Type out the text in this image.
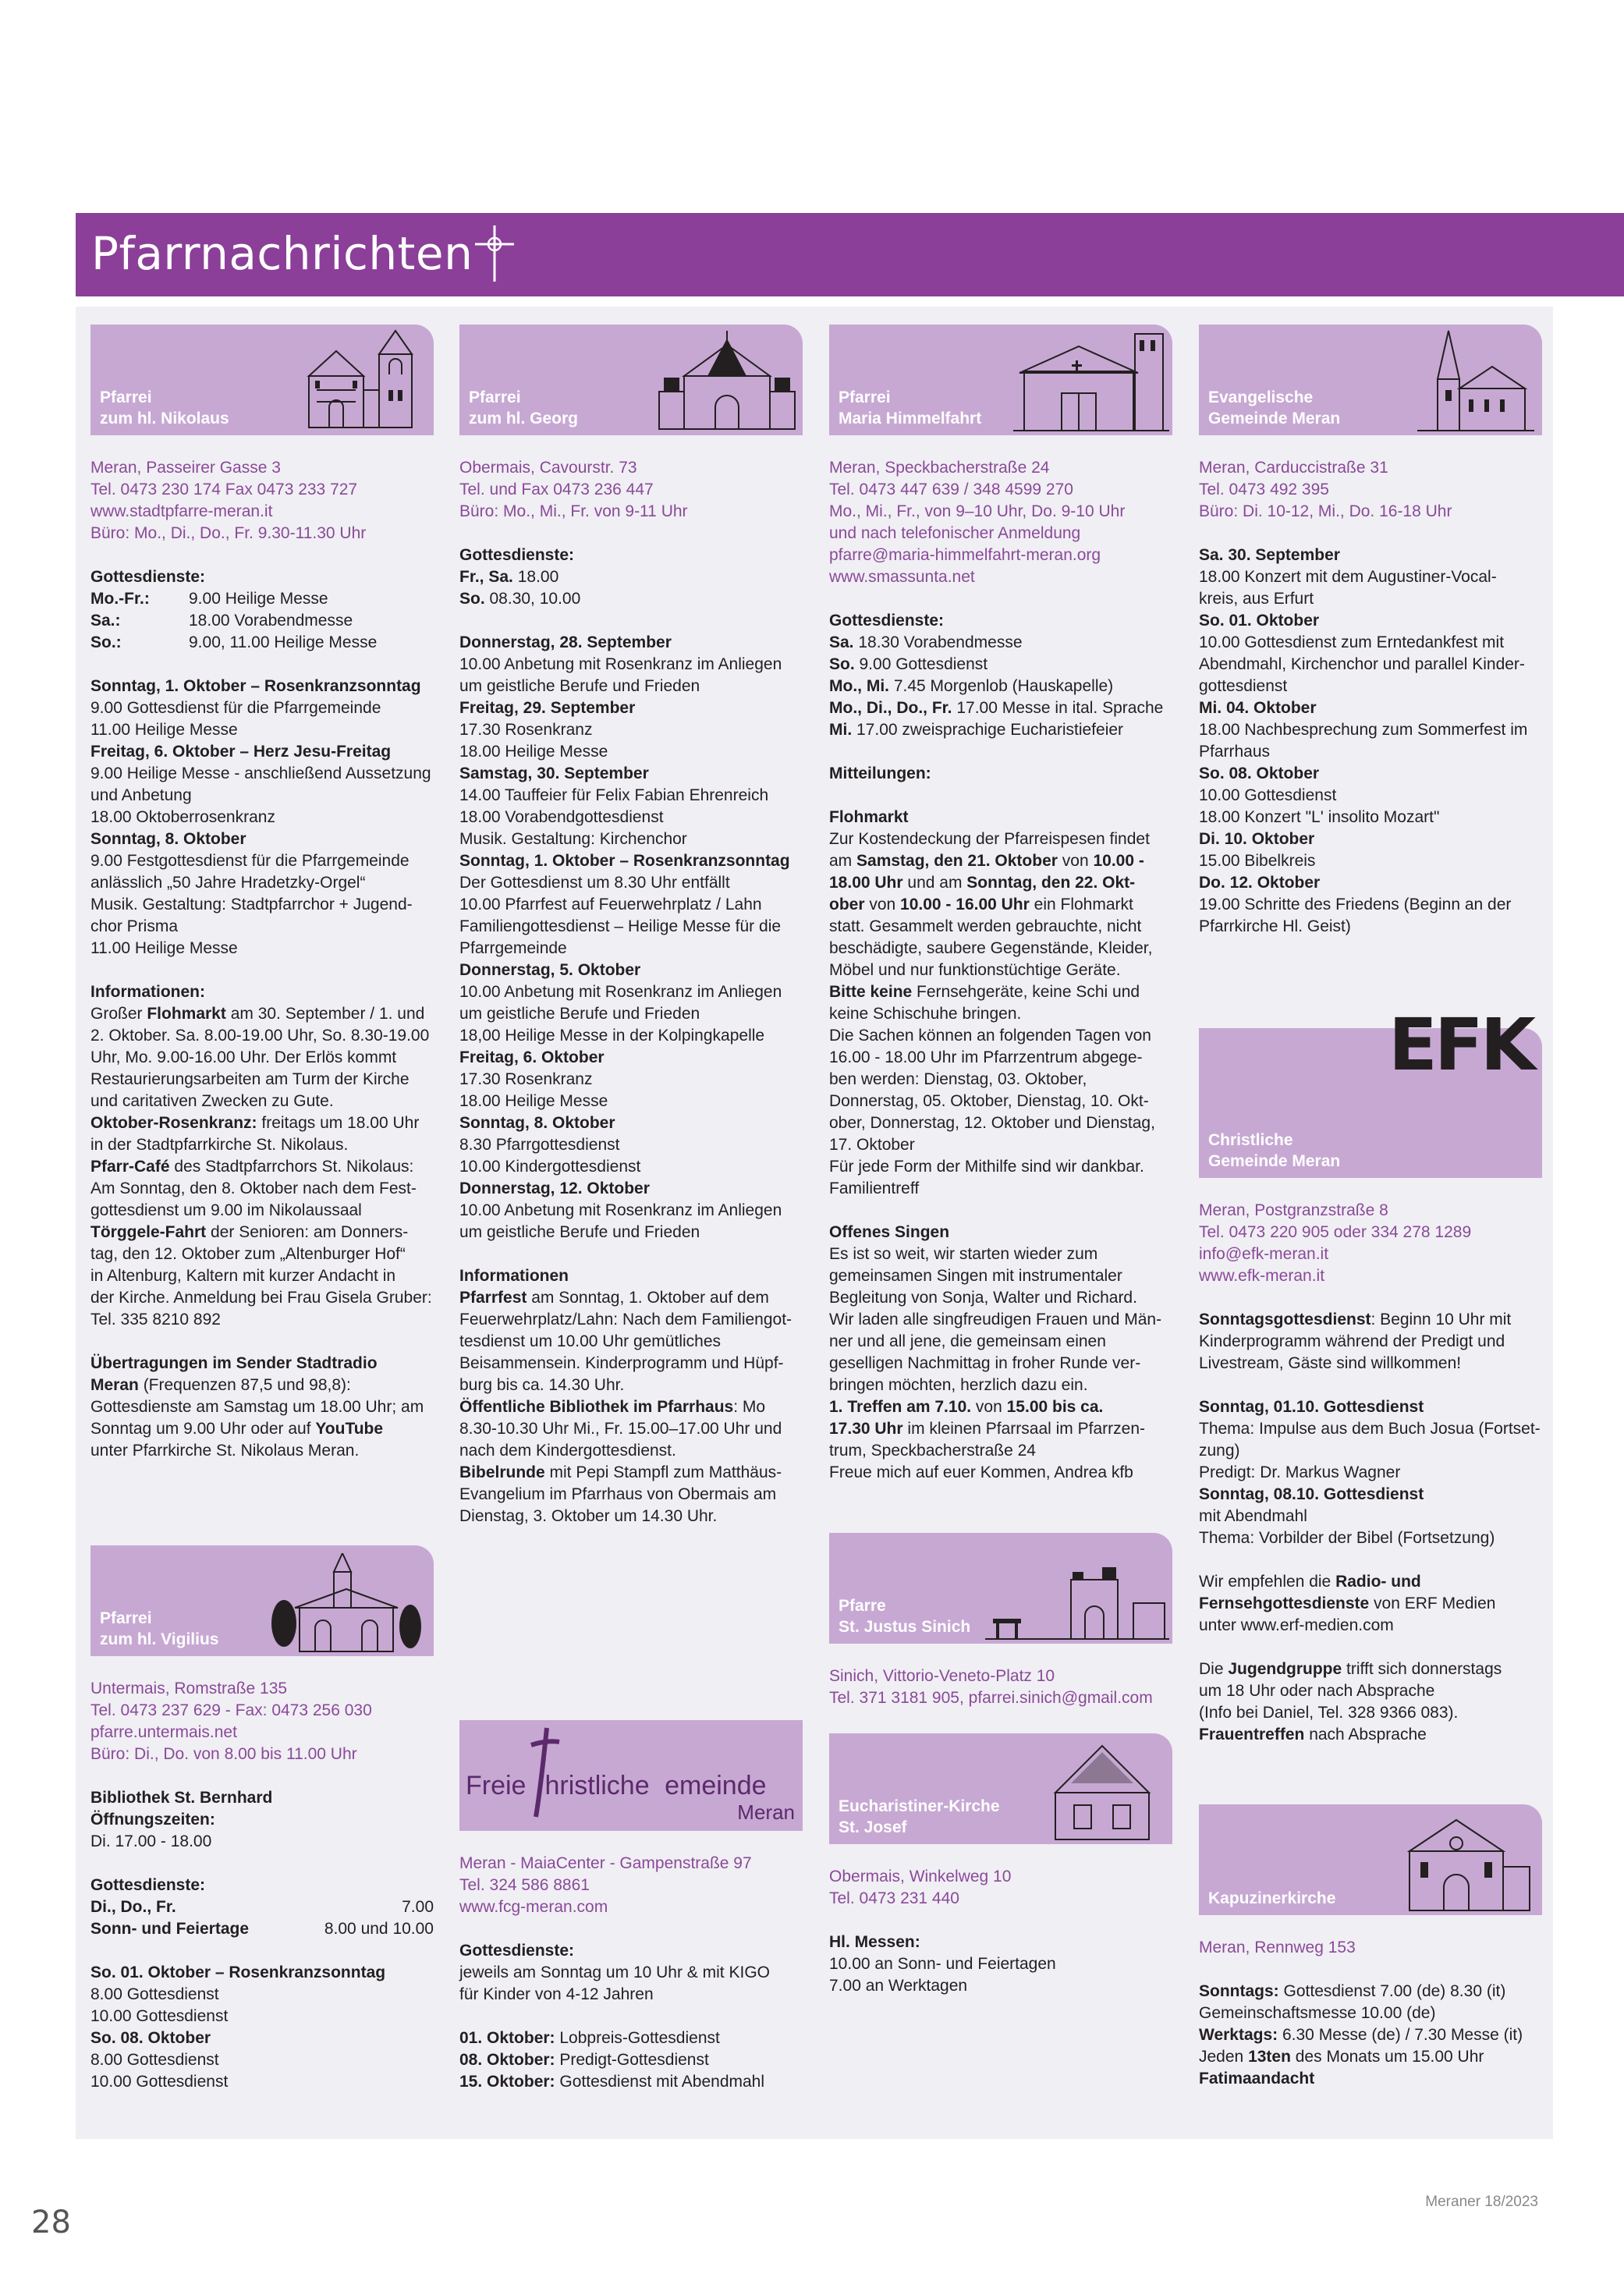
Pfarrnachrichten
Pfarrei
zum hl. Nikolaus
Meran, Passeirer Gasse 3
Tel. 0473 230 174 Fax 0473 233 727
www.stadtpfarre-meran.it
Büro: Mo., Di., Do., Fr. 9.30-11.30 Uhr
Gottesdienste:
Mo.-Fr.: 9.00 Heilige Messe
Sa.:	18.00 Vorabendmesse
So.:	9.00, 11.00 Heilige Messe
Sonntag, 1. Oktober – Rosenkranzsonntag
9.00 Gottesdienst für die Pfarrgemeinde
11.00 Heilige Messe
Freitag, 6. Oktober – Herz Jesu-Freitag
9.00 Heilige Messe - anschließend Aussetzung
und Anbetung
18.00 Oktoberrosenkranz
Sonntag, 8. Oktober
9.00 Festgottesdienst für die Pfarrgemeinde
anlässlich „50 Jahre Hradetzky-Orgel“
Musik. Gestaltung: Stadtpfarrchor + Jugend-
chor Prisma
11.00 Heilige Messe
Informationen:
Großer Flohmarkt am 30. September / 1. und
2. Oktober. Sa. 8.00-19.00 Uhr, So. 8.30-19.00
Uhr, Mo. 9.00-16.00 Uhr. Der Erlös kommt
Restaurierungsarbeiten am Turm der Kirche
und caritativen Zwecken zu Gute.
Oktober-Rosenkranz: freitags um 18.00 Uhr
in der Stadtpfarrkirche St. Nikolaus.
Pfarr-Café des Stadtpfarrchors St. Nikolaus:
Am Sonntag, den 8. Oktober nach dem Fest-
gottesdienst um 9.00 im Nikolaussaal
Törggele-Fahrt der Senioren: am Donners-
tag, den 12. Oktober zum „Altenburger Hof“
in Altenburg, Kaltern mit kurzer Andacht in
der Kirche. Anmeldung bei Frau Gisela Gruber:
Tel. 335 8210 892
Übertragungen im Sender Stadtradio
Meran (Frequenzen 87,5 und 98,8):
Gottesdienste am Samstag um 18.00 Uhr; am
Sonntag um 9.00 Uhr oder auf YouTube
unter Pfarrkirche St. Nikolaus Meran.
Pfarrei
zum hl. Vigilius
Untermais, Romstraße 135
Tel. 0473 237 629 - Fax: 0473 256 030
pfarre.untermais.net
Büro: Di., Do. von 8.00 bis 11.00 Uhr
Bibliothek St. Bernhard
Öffnungszeiten:
Di. 17.00 - 18.00
Gottesdienste:
Di., Do., Fr.	7.00
Sonn- und Feiertage	8.00 und 10.00
So. 01. Oktober – Rosenkranzsonntag
8.00 Gottesdienst
10.00 Gottesdienst
So. 08. Oktober
8.00 Gottesdienst
10.00 Gottesdienst
Pfarrei
zum hl. Georg
Obermais, Cavourstr. 73
Tel. und Fax 0473 236 447
Büro: Mo., Mi., Fr. von 9-11 Uhr
Gottesdienste:
Fr., Sa. 18.00
So. 08.30, 10.00
Donnerstag, 28. September
10.00 Anbetung mit Rosenkranz im Anliegen
um geistliche Berufe und Frieden
Freitag, 29. September
17.30 Rosenkranz
18.00 Heilige Messe
Samstag, 30. September
14.00 Tauffeier für Felix Fabian Ehrenreich
18.00 Vorabendgottesdienst
Musik. Gestaltung: Kirchenchor
Sonntag, 1. Oktober – Rosenkranzsonntag
Der Gottesdienst um 8.30 Uhr entfällt
10.00 Pfarrfest auf Feuerwehrplatz / Lahn
Familiengottesdienst – Heilige Messe für die
Pfarrgemeinde
Donnerstag, 5. Oktober
10.00 Anbetung mit Rosenkranz im Anliegen
um geistliche Berufe und Frieden
18,00 Heilige Messe in der Kolpingkapelle
Freitag, 6. Oktober
17.30 Rosenkranz
18.00 Heilige Messe
Sonntag, 8. Oktober
8.30 Pfarrgottesdienst
10.00 Kindergottesdienst
Donnerstag, 12. Oktober
10.00 Anbetung mit Rosenkranz im Anliegen
um geistliche Berufe und Frieden
Informationen
Pfarrfest am Sonntag, 1. Oktober auf dem
Feuerwehrplatz/Lahn: Nach dem Familiengot-
tesdienst um 10.00 Uhr gemütliches
Beisammensein. Kinderprogramm und Hüpf-
burg bis ca. 14.30 Uhr.
Öffentliche Bibliothek im Pfarrhaus: Mo
8.30-10.30 Uhr Mi., Fr. 15.00–17.00 Uhr und
nach dem Kindergottesdienst.
Bibelrunde mit Pepi Stampfl zum Matthäus-
Evangelium im Pfarrhaus von Obermais am
Dienstag, 3. Oktober um 14.30 Uhr.
Freie hristliche emeinde
Meran
Meran - MaiaCenter - Gampenstraße 97
Tel. 324 586 8861
www.fcg-meran.com
Gottesdienste:
jeweils am Sonntag um 10 Uhr & mit KIGO
für Kinder von 4-12 Jahren
01. Oktober: Lobpreis-Gottesdienst
08. Oktober: Predigt-Gottesdienst
15. Oktober: Gottesdienst mit Abendmahl
Pfarrei
Maria Himmelfahrt
Meran, Speckbacherstraße 24
Tel. 0473 447 639 / 348 4599 270
Mo., Mi., Fr., von 9–10 Uhr, Do. 9-10 Uhr
und nach telefonischer Anmeldung
pfarre@maria-himmelfahrt-meran.org
www.smassunta.net
Gottesdienste:
Sa. 18.30 Vorabendmesse
So. 9.00 Gottesdienst
Mo., Mi. 7.45 Morgenlob (Hauskapelle)
Mo., Di., Do., Fr. 17.00 Messe in ital. Sprache
Mi. 17.00 zweisprachige Eucharistiefeier
Mitteilungen:
Flohmarkt
Zur Kostendeckung der Pfarreispesen findet
am Samstag, den 21. Oktober von 10.00 -
18.00 Uhr und am Sonntag, den 22. Okt-
ober von 10.00 - 16.00 Uhr ein Flohmarkt
statt. Gesammelt werden gebrauchte, nicht
beschädigte, saubere Gegenstände, Kleider,
Möbel und nur funktionstüchtige Geräte.
Bitte keine Fernsehgeräte, keine Schi und
keine Schischuhe bringen.
Die Sachen können an folgenden Tagen von
16.00 - 18.00 Uhr im Pfarrzentrum abgege-
ben werden: Dienstag, 03. Oktober,
Donnerstag, 05. Oktober, Dienstag, 10. Okt-
ober, Donnerstag, 12. Oktober und Dienstag,
17. Oktober
Für jede Form der Mithilfe sind wir dankbar.
Familientreff
Offenes Singen
Es ist so weit, wir starten wieder zum
gemeinsamen Singen mit instrumentaler
Begleitung von Sonja, Walter und Richard.
Wir laden alle singfreudigen Frauen und Män-
ner und all jene, die gemeinsam einen
geselligen Nachmittag in froher Runde ver-
bringen möchten, herzlich dazu ein.
1. Treffen am 7.10. von 15.00 bis ca.
17.30 Uhr im kleinen Pfarrsaal im Pfarrzen-
trum, Speckbacherstraße 24
Freue mich auf euer Kommen, Andrea kfb
Pfarre
St. Justus Sinich
Sinich, Vittorio-Veneto-Platz 10
Tel. 371 3181 905, pfarrei.sinich@gmail.com
Eucharistiner-Kirche
St. Josef
Obermais, Winkelweg 10
Tel. 0473 231 440
Hl. Messen:
10.00 an Sonn- und Feiertagen
7.00 an Werktagen
Evangelische
Gemeinde Meran
Meran, Carduccistraße 31
Tel. 0473 492 395
Büro: Di. 10-12, Mi., Do. 16-18 Uhr
Sa. 30. September
18.00 Konzert mit dem Augustiner-Vocal-
kreis, aus Erfurt
So. 01. Oktober
10.00 Gottesdienst zum Erntedankfest mit
Abendmahl, Kirchenchor und parallel Kinder-
gottesdienst
Mi. 04. Oktober
18.00 Nachbesprechung zum Sommerfest im
Pfarrhaus
So. 08. Oktober
10.00 Gottesdienst
18.00 Konzert "L' insolito Mozart"
Di. 10. Oktober
15.00 Bibelkreis
Do. 12. Oktober
19.00 Schritte des Friedens (Beginn an der
Pfarrkirche Hl. Geist)
EFK
Christliche
Gemeinde Meran
Meran, Postgranzstraße 8
Tel. 0473 220 905 oder 334 278 1289
info@efk-meran.it
www.efk-meran.it
Sonntagsgottesdienst: Beginn 10 Uhr mit
Kinderprogramm während der Predigt und
Livestream, Gäste sind willkommen!
Sonntag, 01.10. Gottesdienst
Thema: Impulse aus dem Buch Josua (Fortset-
zung)
Predigt: Dr. Markus Wagner
Sonntag, 08.10. Gottesdienst
mit Abendmahl
Thema: Vorbilder der Bibel (Fortsetzung)
Wir empfehlen die Radio- und
Fernsehgottesdienste von ERF Medien
unter www.erf-medien.com
Die Jugendgruppe trifft sich donnerstags
um 18 Uhr oder nach Absprache
(Info bei Daniel, Tel. 328 9366 083).
Frauentreffen nach Absprache
Kapuzinerkirche
Meran, Rennweg 153
Sonntags: Gottesdienst 7.00 (de) 8.30 (it)
Gemeinschaftsmesse 10.00 (de)
Werktags: 6.30 Messe (de) / 7.30 Messe (it)
Jeden 13ten des Monats um 15.00 Uhr
Fatimaandacht
28
Meraner 18/2023
